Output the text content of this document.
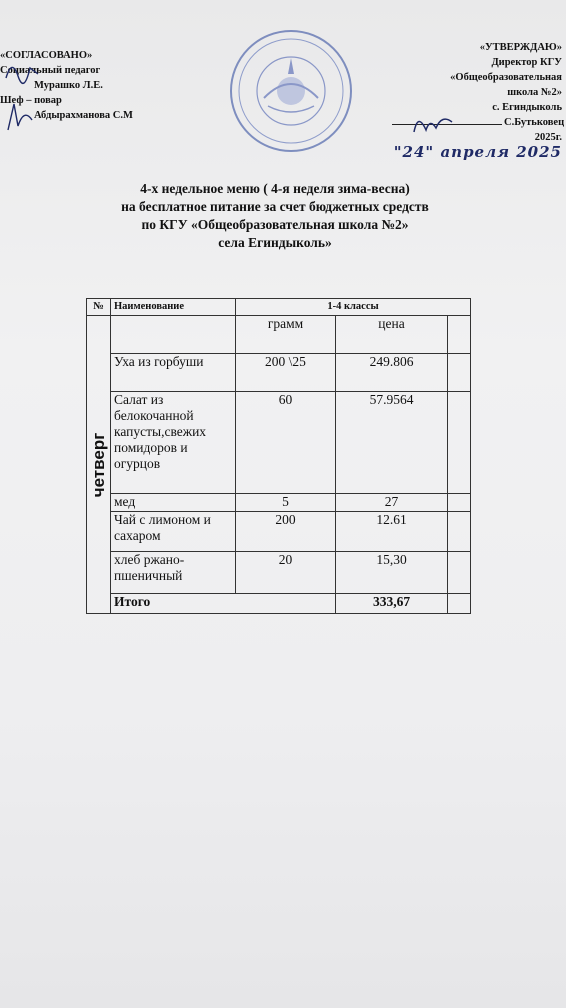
«СОГЛАСОВАНО»
Социальный педагог
Мурашко Л.Е.
Шеф – повар
Абдырахманова С.М
«УТВЕРЖДАЮ»
Директор КГУ
«Общеобразовательная
школа №2»
с. Егиндыколь
С.Бутьковец
2025г.
"24" апреля 2025
4-х недельное меню ( 4-я неделя зима-весна)
на бесплатное питание за счет бюджетных средств
по КГУ «Общеобразовательная школа №2»
села Егиндыколь»
№	Наименование	1-4 классы		

четверг		грамм	цена	
	Уха из горбуши	200 \25	249.806	
	Салат из белокочанной капусты,свежих помидоров и огурцов	60	57.9564	
	мед	5	27	
	Чай с лимоном и сахаром	200	12.61	
	хлеб ржано-пшеничный	20	15,30	
	Итого		333,67	
